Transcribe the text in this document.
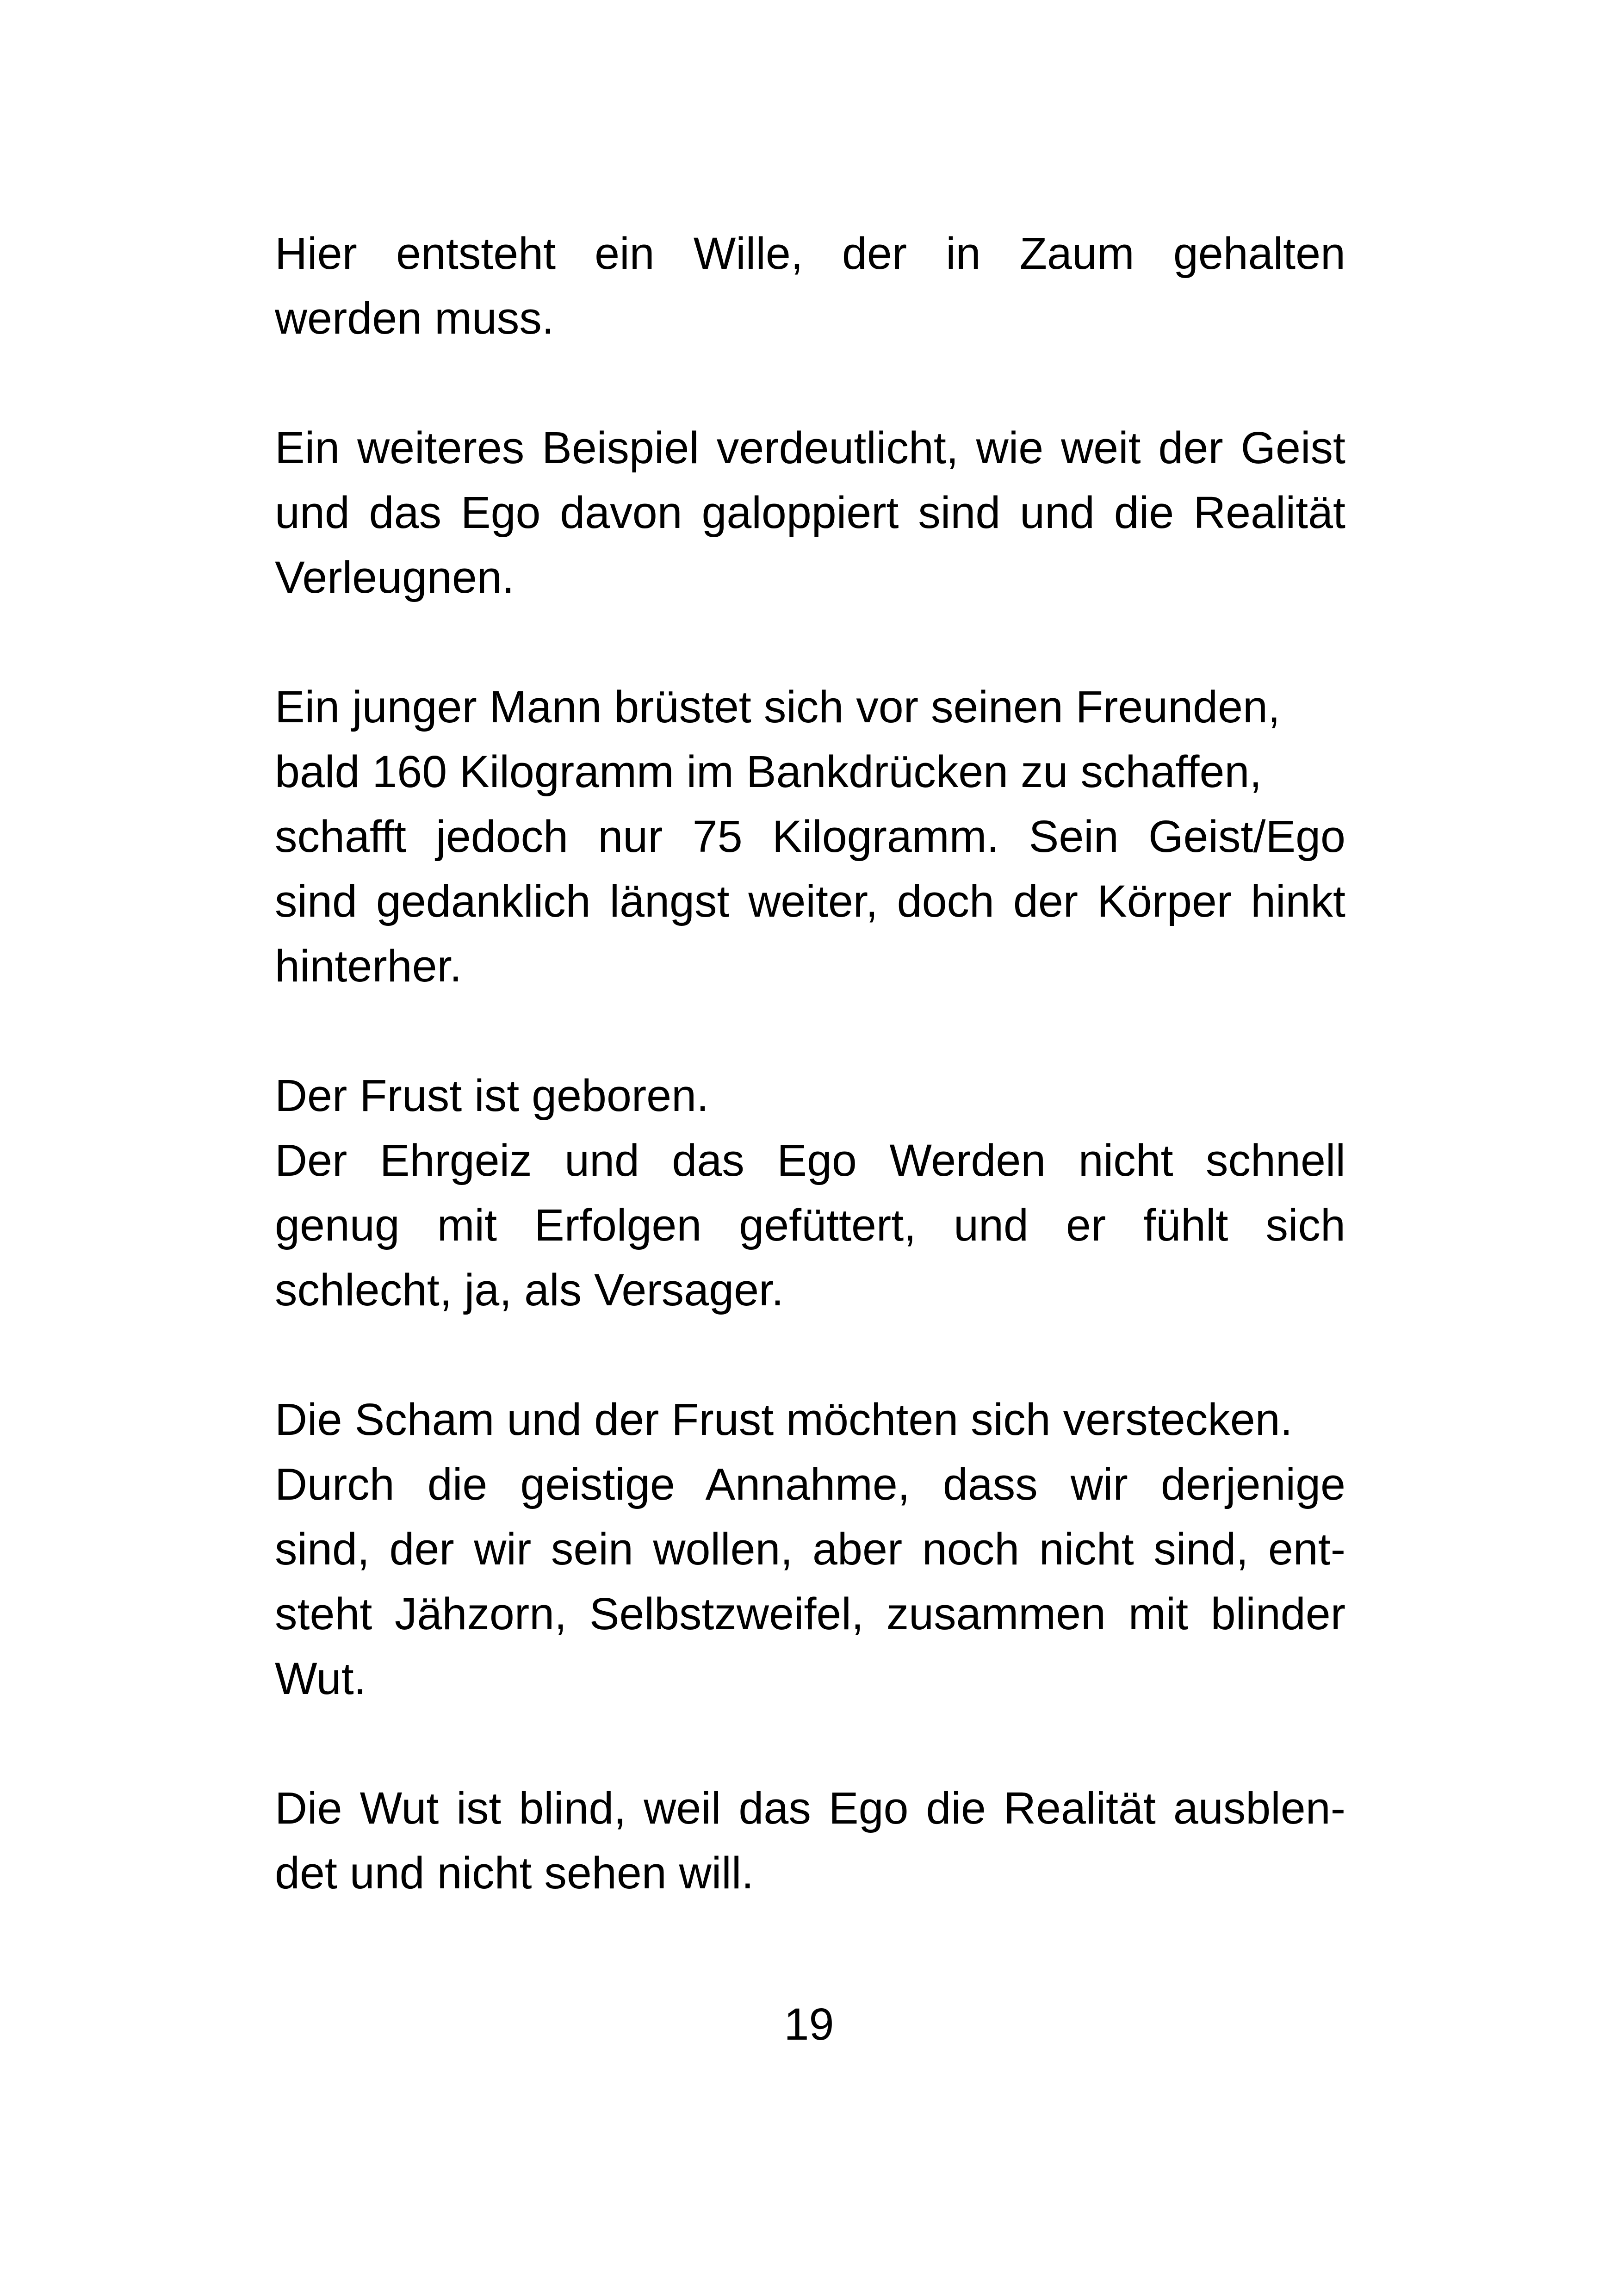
Hier entsteht ein Wille, der in Zaum gehalten
werden muss.

Ein weiteres Beispiel verdeutlicht, wie weit der Geist
und das Ego davon galoppiert sind und die Realität
Verleugnen.

Ein junger Mann brüstet sich vor seinen Freunden,
bald 160 Kilogramm im Bankdrücken zu schaffen,
schafft jedoch nur 75 Kilogramm. Sein Geist/Ego
sind gedanklich längst weiter, doch der Körper hinkt
hinterher.

Der Frust ist geboren.
Der Ehrgeiz und das Ego Werden nicht schnell
genug mit Erfolgen gefüttert, und er fühlt sich
schlecht, ja, als Versager.

Die Scham und der Frust möchten sich verstecken.
Durch die geistige Annahme, dass wir derjenige
sind, der wir sein wollen, aber noch nicht sind, ent-
steht Jähzorn, Selbstzweifel, zusammen mit blinder
Wut.

Die Wut ist blind, weil das Ego die Realität ausblen-
det und nicht sehen will.

19
